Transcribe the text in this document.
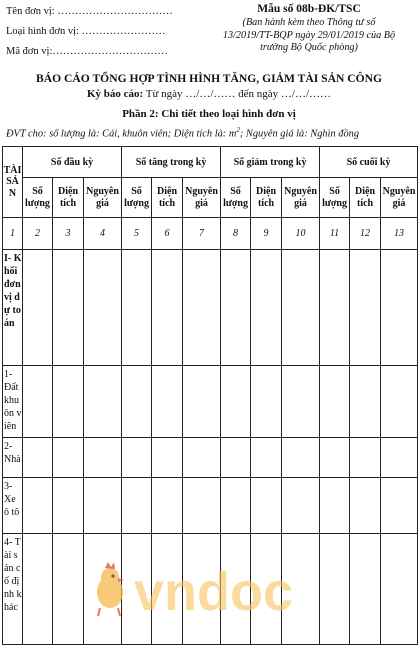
Tên đơn vị: ……………………………
Loại hình đơn vị: ……………………
Mã đơn vị:……………………………
Mẫu số 08b-ĐK/TSC
(Ban hành kèm theo Thông tư số
13/2019/TT-BQP ngày 29/01/2019 của Bộ
trưởng Bộ Quốc phòng)
BÁO CÁO TỔNG HỢP TÌNH HÌNH TĂNG, GIẢM TÀI SẢN CÔNG
Kỳ báo cáo: Từ ngày …/…/…… đến ngày …/…/……
Phần 2: Chi tiết theo loại hình đơn vị
ĐVT cho: số lượng là: Cái, khuôn viên; Diện tích là: $m^2$; Nguyên giá là: Nghìn đồng
TÀI SẢN	Số đầu kỳ			Số tăng trong kỳ			Số giảm trong kỳ			Số cuối kỳ		
	Số lượng	Diện tích	Nguyên giá	Số lượng	Diện tích	Nguyên giá	Số lượng	Diện tích	Nguyên giá	Số lượng	Diện tích	Nguyên giá
1	2	3	4	5	6	7	8	9	10	11	12	13
I- Khối đơn vị dự toán												
1- Đất khuôn viên												
2- Nhà												
3- Xe ô tô												
4- Tài sản cố định khác												vndoc
